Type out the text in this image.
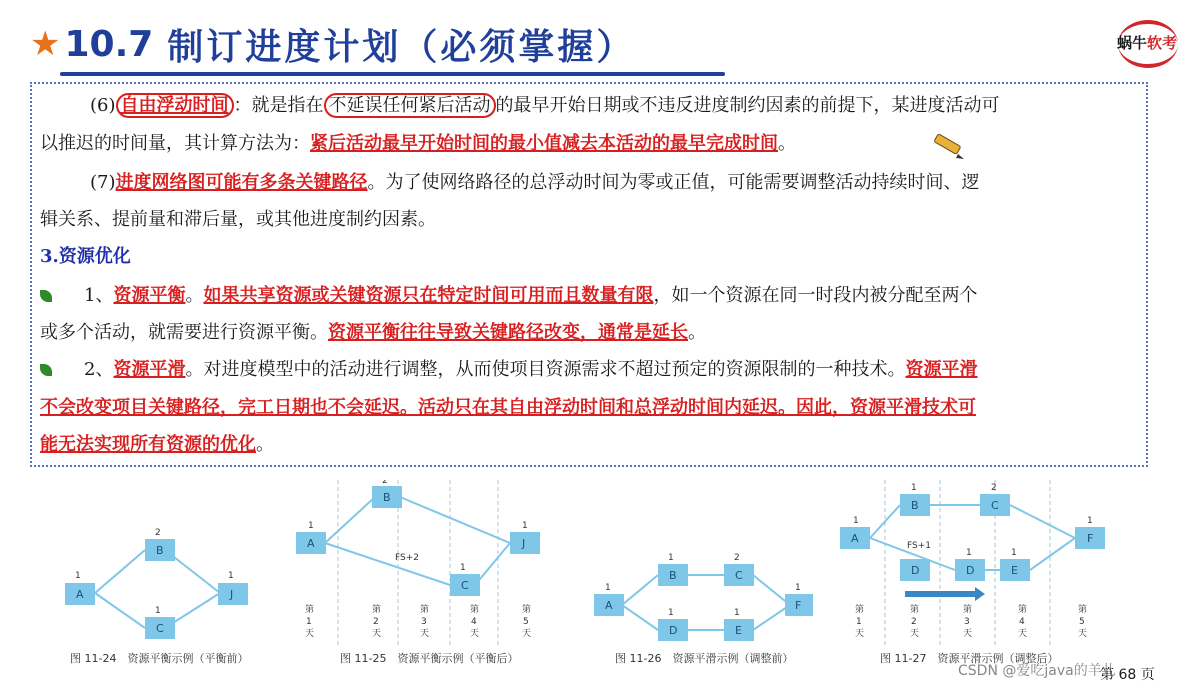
★ 10.7 制订进度计划（必须掌握）	蜗牛软考
(6) 自由浮动时间 ：就是指在 不延误任何紧后活动 的最早开始日期或不违反进度制约因素的前提下，某进度活动可
以推迟的时间量，其计算方法为：紧后活动最早开始时间的最小值减去本活动的最早完成时间。
(7)进度网络图可能有多条关键路径。为了使网络路径的总浮动时间为零或正值，可能需要调整活动持续时间、逻
辑关系、提前量和滞后量，或其他进度制约因素。
3.资源优化
1、资源平衡。如果共享资源或关键资源只在特定时间可用而且数量有限，如一个资源在同一时段内被分配至两个
或多个活动，就需要进行资源平衡。资源平衡往往导致关键路径改变，通常是延长。
2、资源平滑。对进度模型中的活动进行调整，从而使项目资源需求不超过预定的资源限制的一种技术。资源平滑
不会改变项目关键路径，完工日期也不会延迟。活动只在其自由浮动时间和总浮动时间内延迟。因此，资源平滑技术可
能无法实现所有资源的优化。
A
B
C
J
1
2
1
1
图 11-24　资源平衡示例（平衡前）
A
B
C
J
1
2
1
1
FS+2
第
1
天
第
2
天
第
3
天
第
4
天
第
5
天
图 11-25　资源平衡示例（平衡后）
A
B
D
C
E
F
1
1
1
2
1
1
图 11-26　资源平滑示例（调整前）
A
B	C
D	D	E
F
1
1	2
1	1
1
FS+1
第
1
天
第
2
天
第
3
天
第
4
天
第
5
天
图 11-27　资源平滑示例（调整后）
CSDN @爱吃java的羊儿
第 68 页
